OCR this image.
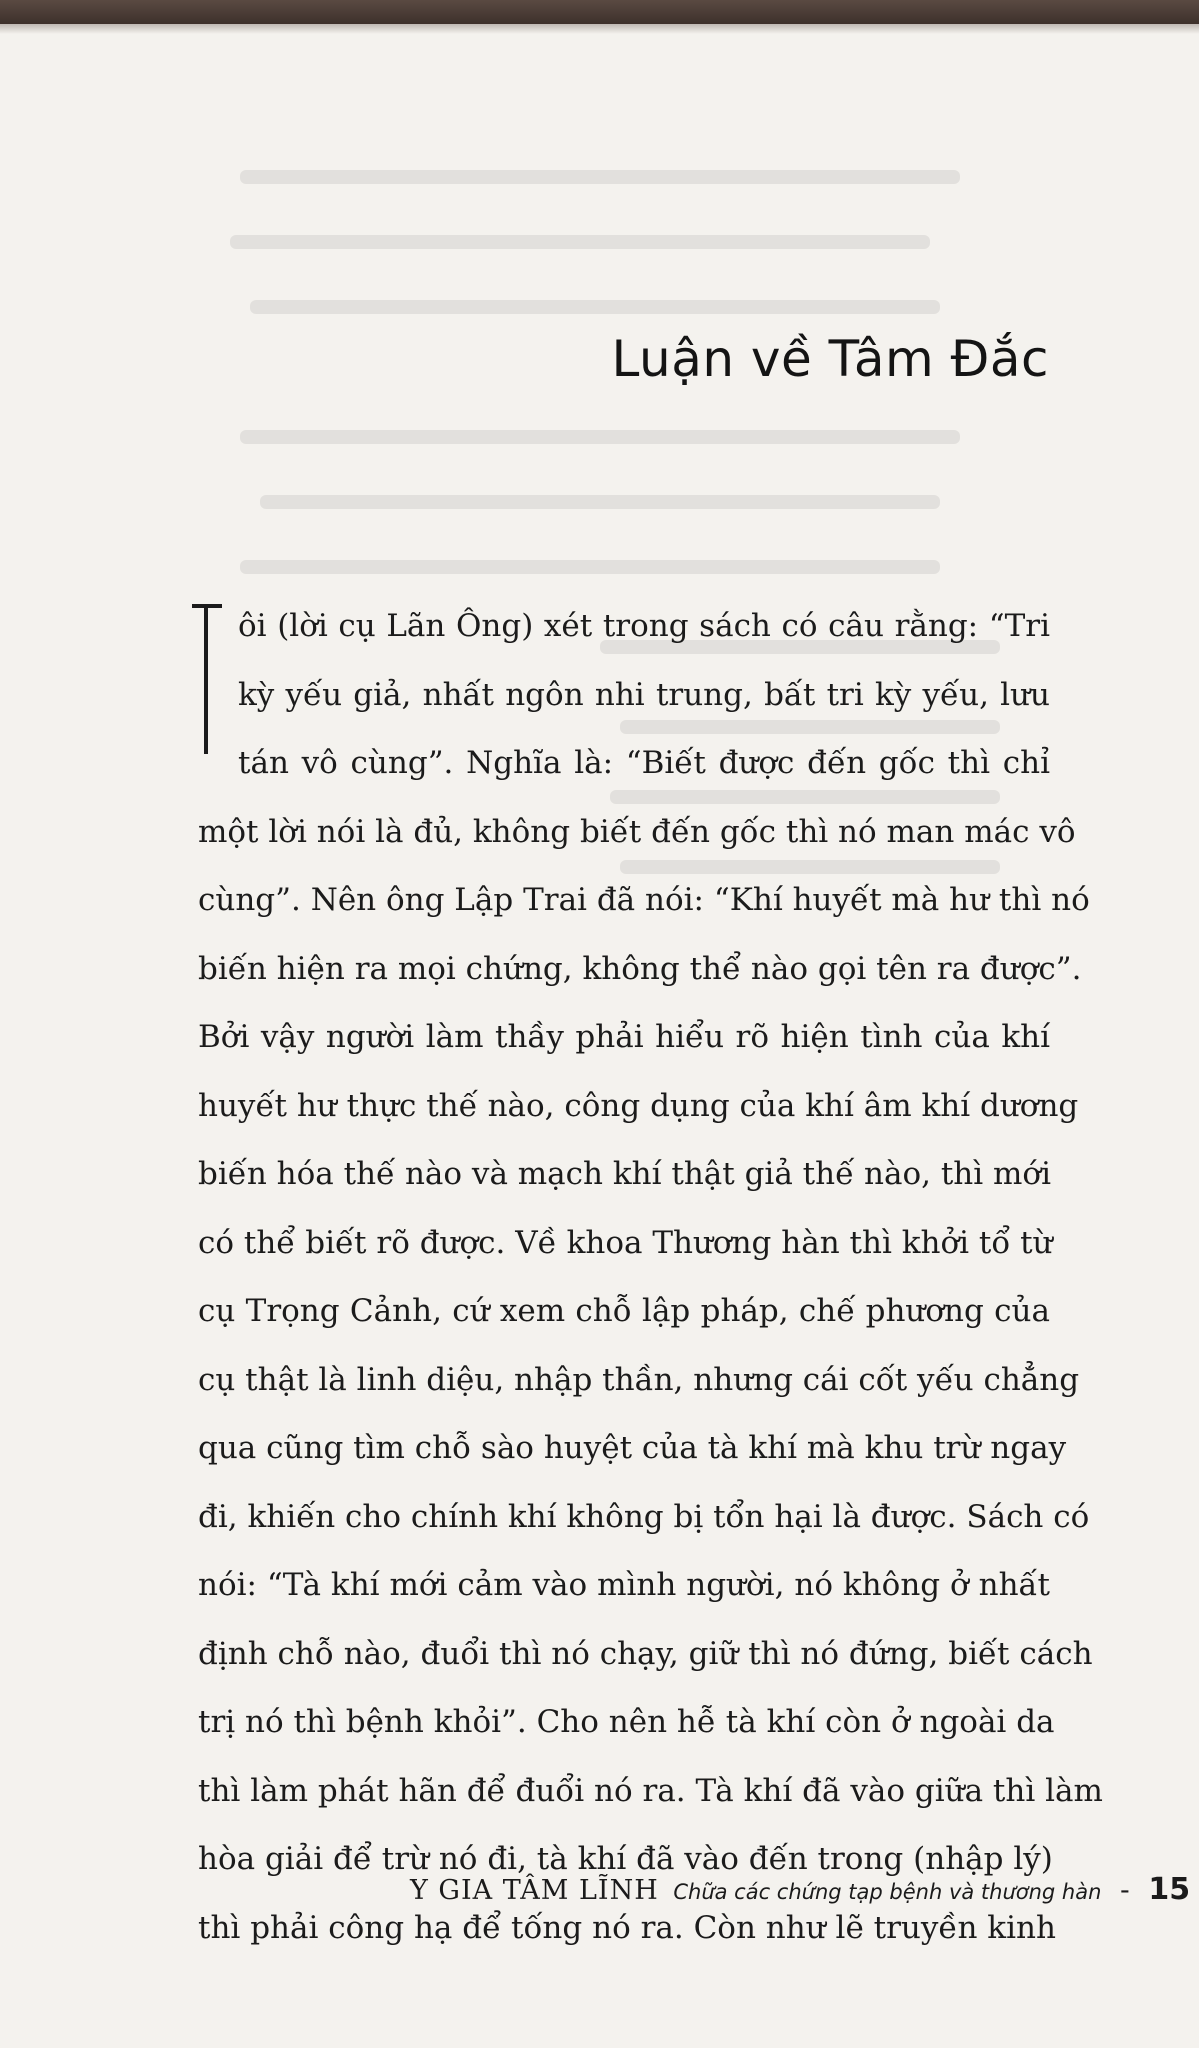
Luận về Tâm Đắc
ôi (lời cụ Lãn Ông) xét trong sách có câu rằng: “Tri
kỳ yếu giả, nhất ngôn nhi trung, bất tri kỳ yếu, lưu
tán vô cùng”. Nghĩa là: “Biết được đến gốc thì chỉ
một lời nói là đủ, không biết đến gốc thì nó man mác vô
cùng”. Nên ông Lập Trai đã nói: “Khí huyết mà hư thì nó
biến hiện ra mọi chứng, không thể nào gọi tên ra được”.
Bởi vậy người làm thầy phải hiểu rõ hiện tình của khí
huyết hư thực thế nào, công dụng của khí âm khí dương
biến hóa thế nào và mạch khí thật giả thế nào, thì mới
có thể biết rõ được. Về khoa Thương hàn thì khởi tổ từ
cụ Trọng Cảnh, cứ xem chỗ lập pháp, chế phương của
cụ thật là linh diệu, nhập thần, nhưng cái cốt yếu chẳng
qua cũng tìm chỗ sào huyệt của tà khí mà khu trừ ngay
đi, khiến cho chính khí không bị tổn hại là được. Sách có
nói: “Tà khí mới cảm vào mình người, nó không ở nhất
định chỗ nào, đuổi thì nó chạy, giữ thì nó đứng, biết cách
trị nó thì bệnh khỏi”. Cho nên hễ tà khí còn ở ngoài da
thì làm phát hãn để đuổi nó ra. Tà khí đã vào giữa thì làm
hòa giải để trừ nó đi, tà khí đã vào đến trong (nhập lý)
thì phải công hạ để tống nó ra. Còn như lẽ truyền kinh
Y GIA TÂM LĨNH Chữa các chứng tạp bệnh và thương hàn - 15
